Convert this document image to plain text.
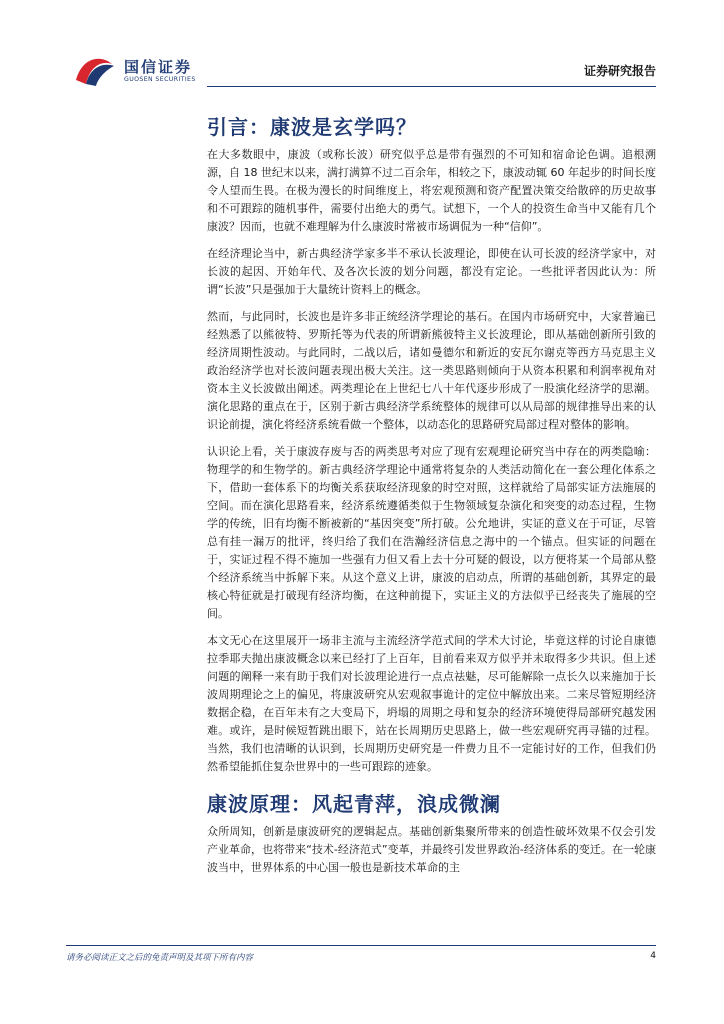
国信证券
GUOSEN SECURITIES
证券研究报告
引言：康波是玄学吗？

在大多数眼中，康波（或称长波）研究似乎总是带有强烈的不可知和宿命论色调。追根溯源，自 18 世纪末以来，满打满算不过二百余年，相较之下，康波动辄 60 年起步的时间长度令人望而生畏。在极为漫长的时间维度上，将宏观预测和资产配置决策交给散碎的历史故事和不可跟踪的随机事件，需要付出绝大的勇气。试想下，一个人的投资生命当中又能有几个康波？因而，也就不难理解为什么康波时常被市场调侃为一种“信仰”。

在经济理论当中，新古典经济学家多半不承认长波理论，即使在认可长波的经济学家中，对长波的起因、开始年代、及各次长波的划分问题，都没有定论。一些批评者因此认为：所谓“长波”只是强加于大量统计资料上的概念。

然而，与此同时，长波也是许多非正统经济学理论的基石。在国内市场研究中，大家普遍已经熟悉了以熊彼特、罗斯托等为代表的所谓新熊彼特主义长波理论，即从基础创新所引致的经济周期性波动。与此同时，二战以后，诸如曼德尔和新近的安瓦尔谢克等西方马克思主义政治经济学也对长波问题表现出极大关注。这一类思路则倾向于从资本积累和利润率视角对资本主义长波做出阐述。两类理论在上世纪七八十年代逐步形成了一股演化经济学的思潮。演化思路的重点在于，区别于新古典经济学系统整体的规律可以从局部的规律推导出来的认识论前提，演化将经济系统看做一个整体，以动态化的思路研究局部过程对整体的影响。

认识论上看，关于康波存废与否的两类思考对应了现有宏观理论研究当中存在的两类隐喻：物理学的和生物学的。新古典经济学理论中通常将复杂的人类活动简化在一套公理化体系之下，借助一套体系下的均衡关系获取经济现象的时空对照，这样就给了局部实证方法施展的空间。而在演化思路看来，经济系统遵循类似于生物领域复杂演化和突变的动态过程，生物学的传统，旧有均衡不断被新的“基因突变”所打破。公允地讲，实证的意义在于可证，尽管总有挂一漏万的批评，终归给了我们在浩瀚经济信息之海中的一个锚点。但实证的问题在于，实证过程不得不施加一些强有力但又看上去十分可疑的假设，以方便将某一个局部从整个经济系统当中拆解下来。从这个意义上讲，康波的启动点，所谓的基础创新，其界定的最核心特征就是打破现有经济均衡，在这种前提下，实证主义的方法似乎已经丧失了施展的空间。

本文无心在这里展开一场非主流与主流经济学范式间的学术大讨论，毕竟这样的讨论自康德拉季耶夫抛出康波概念以来已经打了上百年，目前看来双方似乎并未取得多少共识。但上述问题的阐释一来有助于我们对长波理论进行一点点祛魅，尽可能解除一点长久以来施加于长波周期理论之上的偏见，将康波研究从宏观叙事诡计的定位中解放出来。二来尽管短期经济数据企稳，在百年未有之大变局下，坍塌的周期之母和复杂的经济环境使得局部研究越发困难。或许，是时候短暂跳出眼下，站在长周期历史思路上，做一些宏观研究再寻锚的过程。当然，我们也清晰的认识到，长周期历史研究是一件费力且不一定能讨好的工作，但我们仍然希望能抓住复杂世界中的一些可跟踪的迹象。

康波原理：风起青萍，浪成微澜

众所周知，创新是康波研究的逻辑起点。基础创新集聚所带来的创造性破坏效果不仅会引发产业革命，也将带来“技术-经济范式”变革，并最终引发世界政治-经济体系的变迁。在一轮康波当中，世界体系的中心国一般也是新技术革命的主

请务必阅读正文之后的免责声明及其项下所有内容	4
